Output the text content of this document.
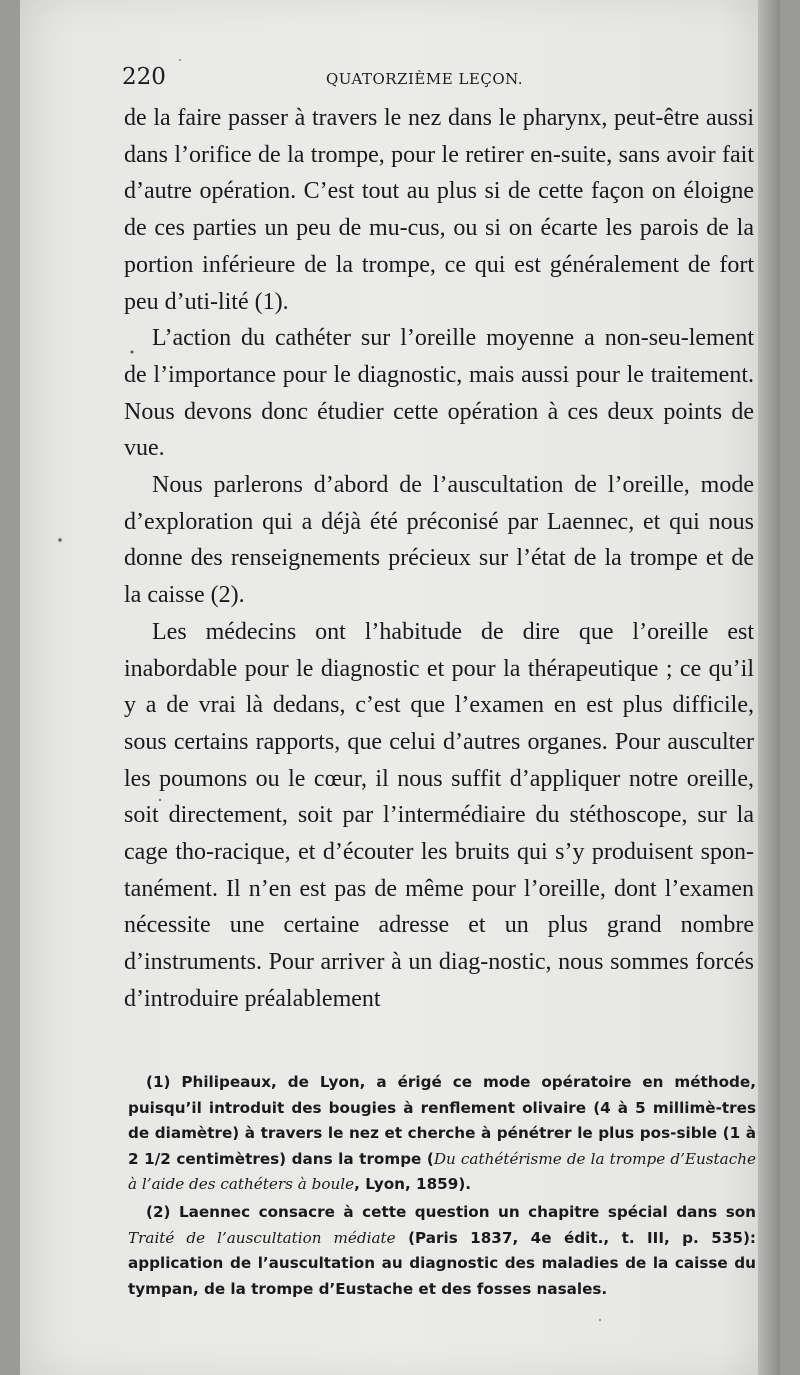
220	QUATORZIÈME LEÇON.

de la faire passer à travers le nez dans le pharynx, peut-être aussi dans l’orifice de la trompe, pour le retirer en-suite, sans avoir fait d’autre opération. C’est tout au plus si de cette façon on éloigne de ces parties un peu de mu-cus, ou si on écarte les parois de la portion inférieure de la trompe, ce qui est généralement de fort peu d’uti-lité (1).

L’action du cathéter sur l’oreille moyenne a non-seu-lement de l’importance pour le diagnostic, mais aussi pour le traitement. Nous devons donc étudier cette opération à ces deux points de vue.

Nous parlerons d’abord de l’auscultation de l’oreille, mode d’exploration qui a déjà été préconisé par Laennec, et qui nous donne des renseignements précieux sur l’état de la trompe et de la caisse (2).

Les médecins ont l’habitude de dire que l’oreille est inabordable pour le diagnostic et pour la thérapeutique ; ce qu’il y a de vrai là dedans, c’est que l’examen en est plus difficile, sous certains rapports, que celui d’autres organes. Pour ausculter les poumons ou le cœur, il nous suffit d’appliquer notre oreille, soit directement, soit par l’intermédiaire du stéthoscope, sur la cage tho-racique, et d’écouter les bruits qui s’y produisent spon-tanément. Il n’en est pas de même pour l’oreille, dont l’examen nécessite une certaine adresse et un plus grand nombre d’instruments. Pour arriver à un diag-nostic, nous sommes forcés d’introduire préalablement

(1) Philipeaux, de Lyon, a érigé ce mode opératoire en méthode, puisqu’il introduit des bougies à renflement olivaire (4 à 5 millimè-tres de diamètre) à travers le nez et cherche à pénétrer le plus pos-sible (1 à 2 1/2 centimètres) dans la trompe (Du cathétérisme de la trompe d’Eustache à l’aide des cathéters à boule, Lyon, 1859).

(2) Laennec consacre à cette question un chapitre spécial dans son Traité de l’auscultation médiate (Paris 1837, 4e édit., t. III, p. 535): application de l’auscultation au diagnostic des maladies de la caisse du tympan, de la trompe d’Eustache et des fosses nasales.
